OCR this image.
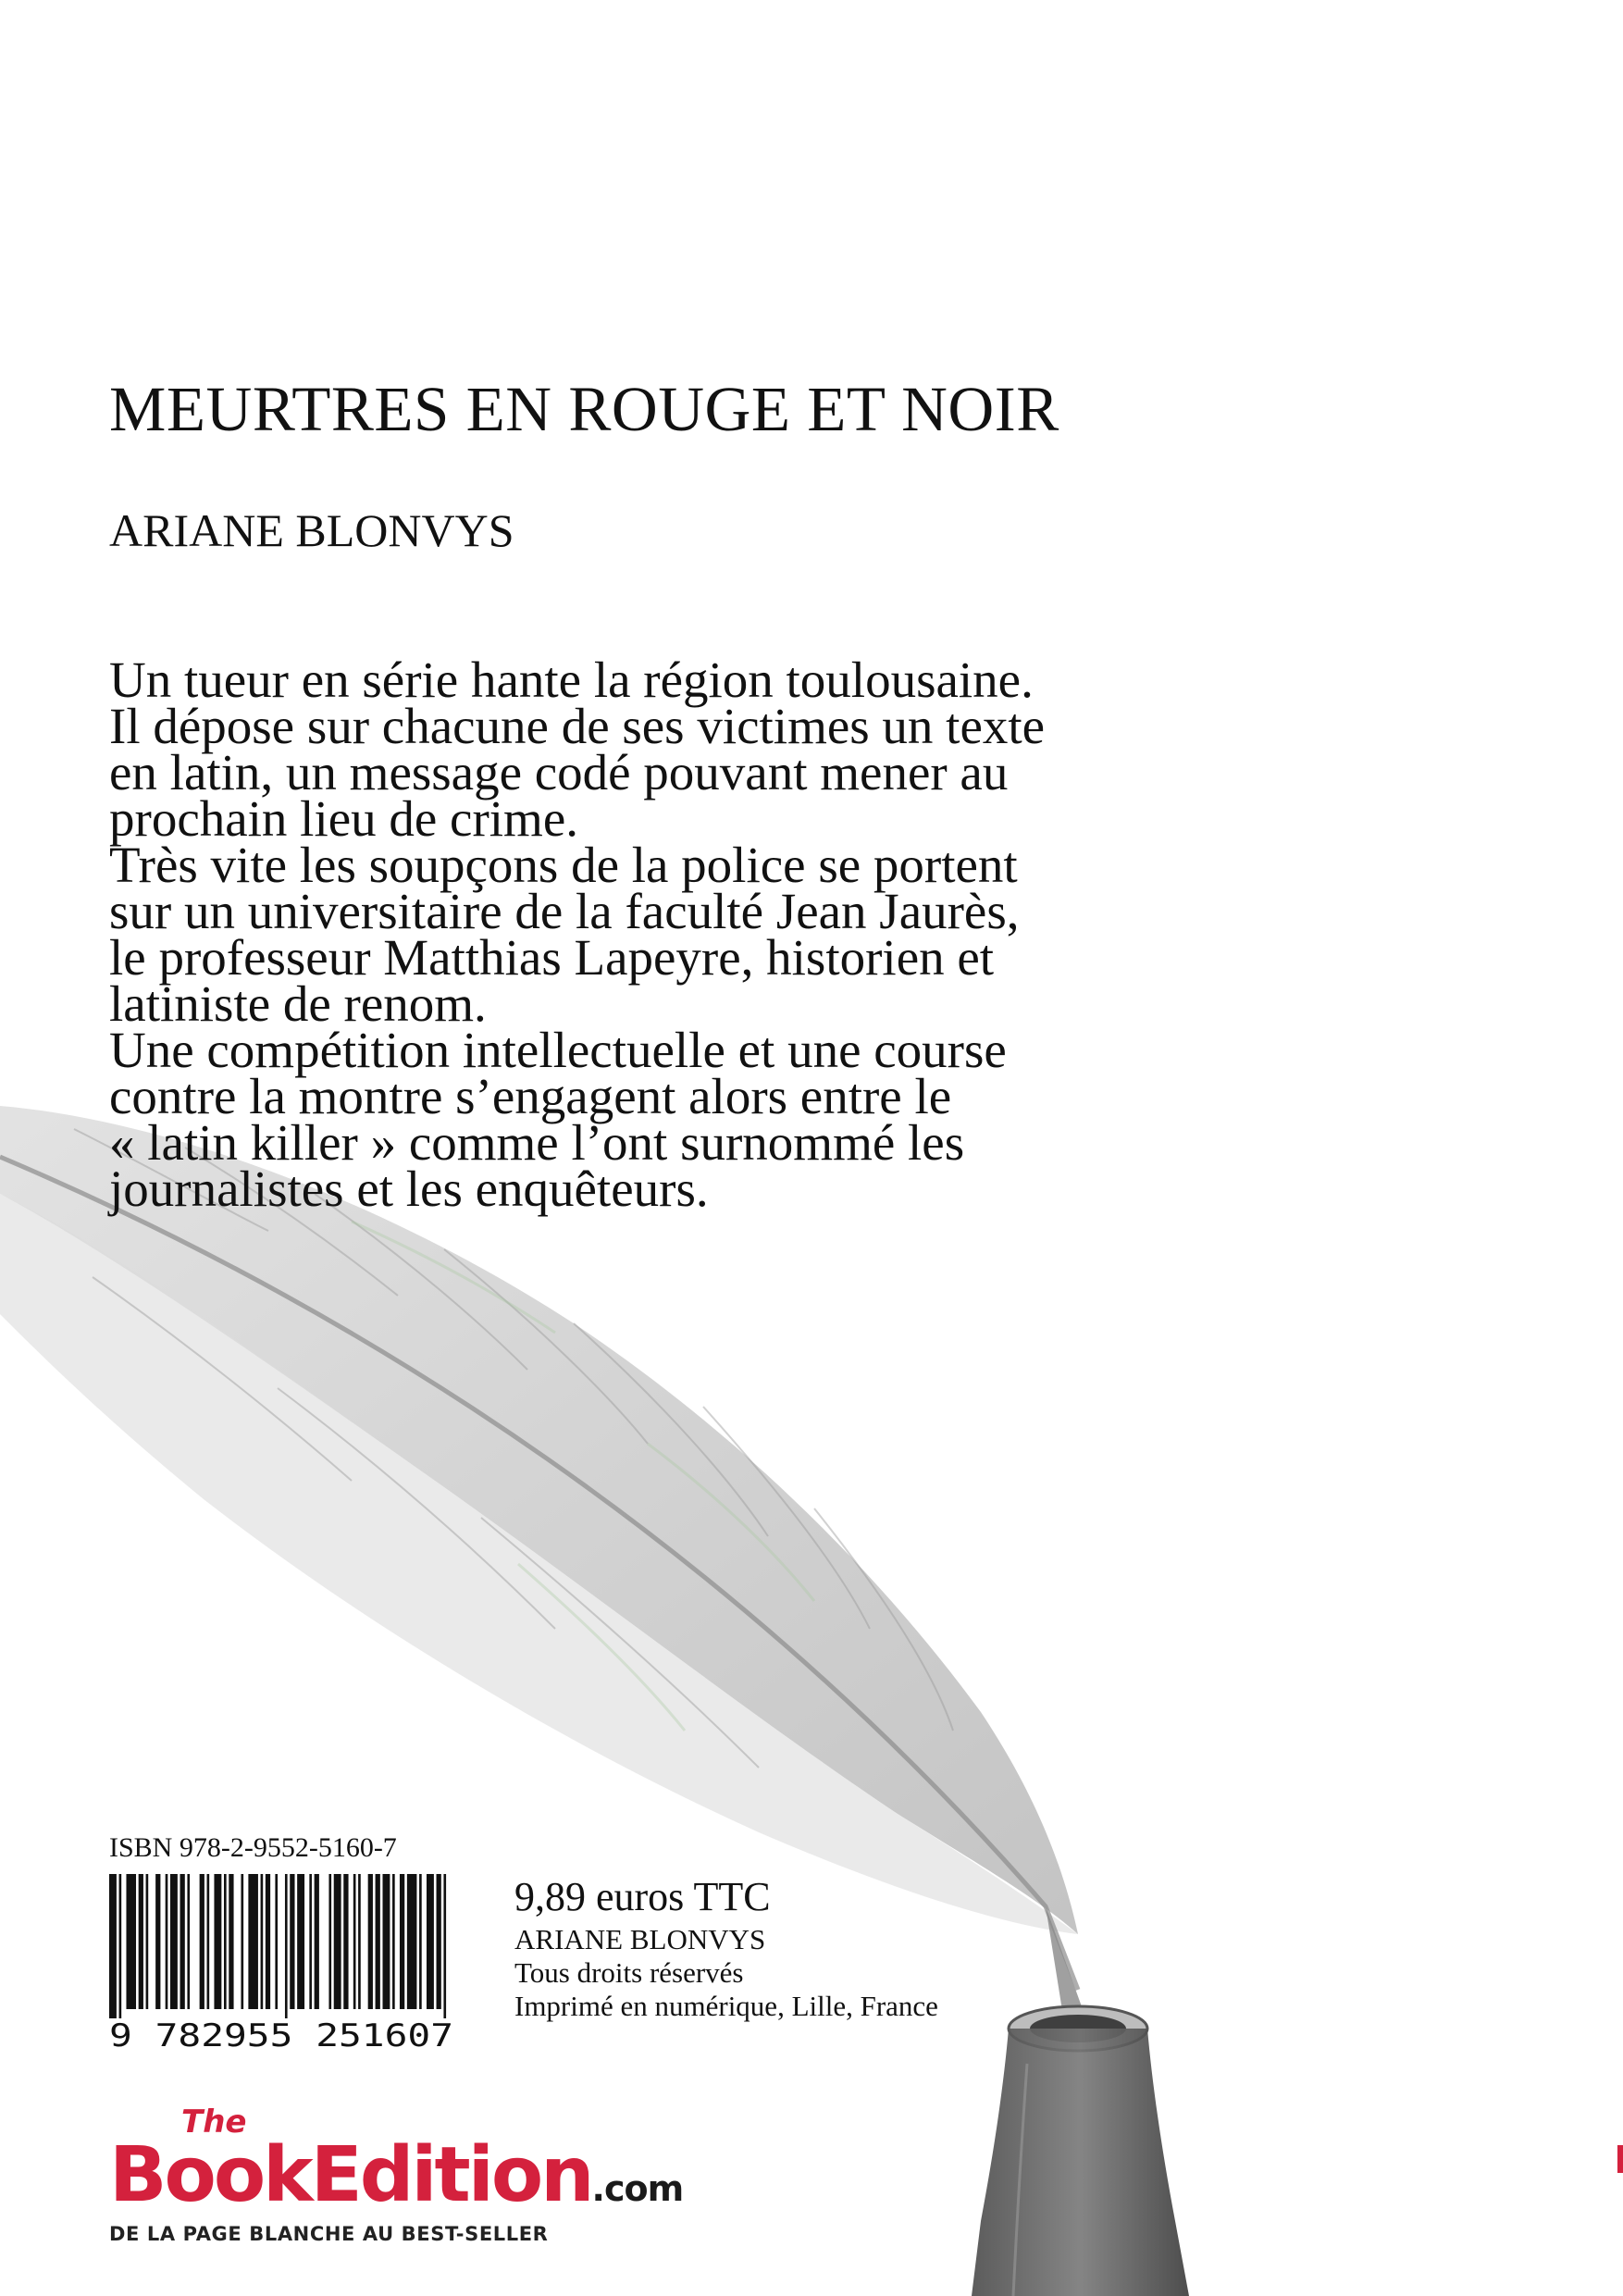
MEURTRES EN ROUGE ET NOIR
ARIANE BLONVYS

Un tueur en série hante la région toulousaine.

Il dépose sur chacune de ses victimes un texte

en latin, un message codé pouvant mener au

prochain lieu de crime.

Très vite les soupçons de la police se portent

sur un universitaire de la faculté Jean Jaurès,

le professeur Matthias Lapeyre, historien et

latiniste de renom.

Une compétition intellectuelle et une course

contre la montre s’engagent alors entre le

« latin killer » comme l’ont surnommé les

journalistes et les enquêteurs.

ISBN 978-2-9552-5160-7
9 782955 251607
9,89 euros TTC
ARIANE BLONVYS
Tous droits réservés
Imprimé en numérique, Lille, France
The
BookEdition.com
DE LA PAGE BLANCHE AU BEST-SELLER
